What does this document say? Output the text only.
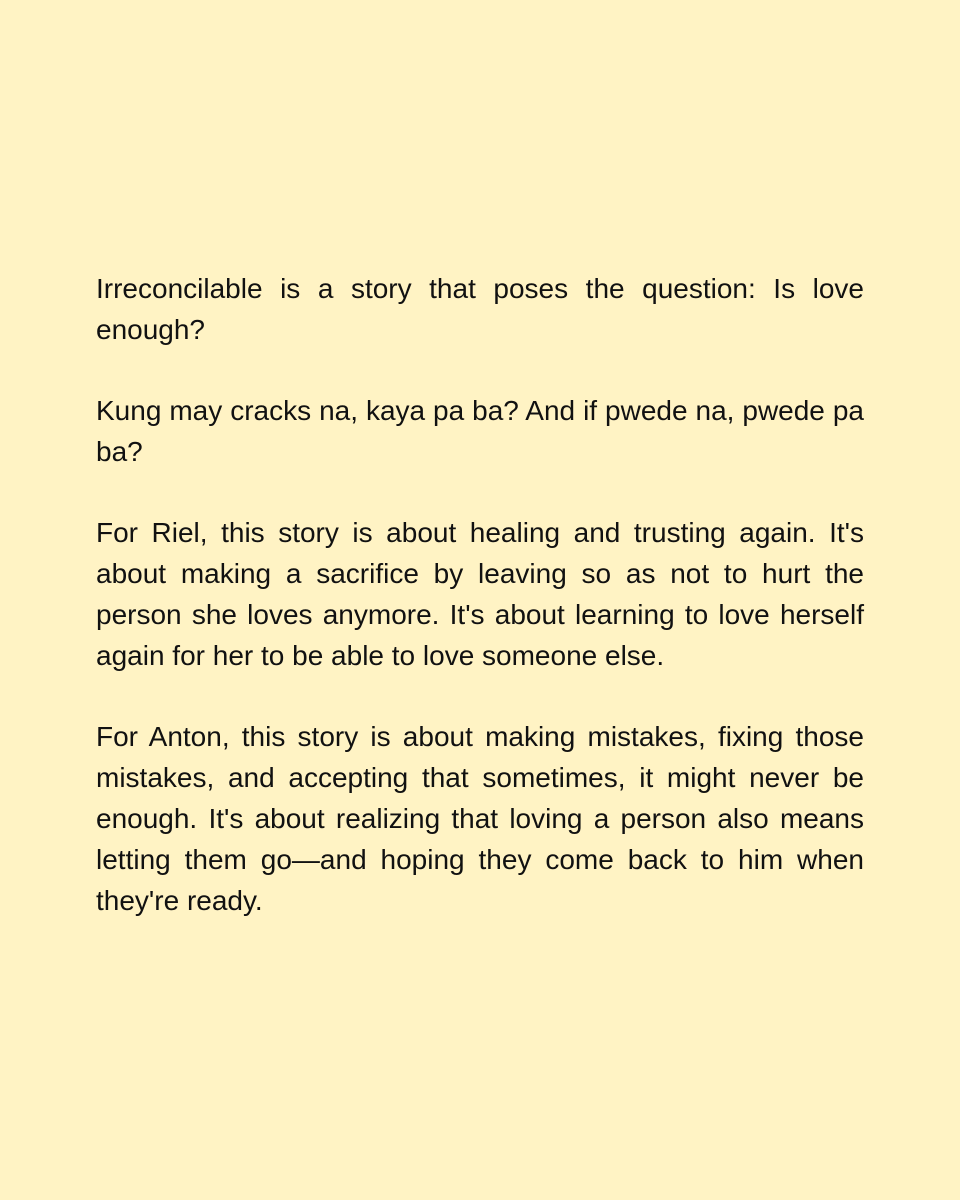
Irreconcilable is a story that poses the question: Is love enough?

Kung may cracks na, kaya pa ba? And if pwede na, pwede pa ba?

For Riel, this story is about healing and trusting again. It's about making a sacrifice by leaving so as not to hurt the person she loves anymore. It's about learning to love herself again for her to be able to love someone else.

For Anton, this story is about making mistakes, fixing those mistakes, and accepting that sometimes, it might never be enough. It's about realizing that loving a person also means letting them go—and hoping they come back to him when they're ready.
